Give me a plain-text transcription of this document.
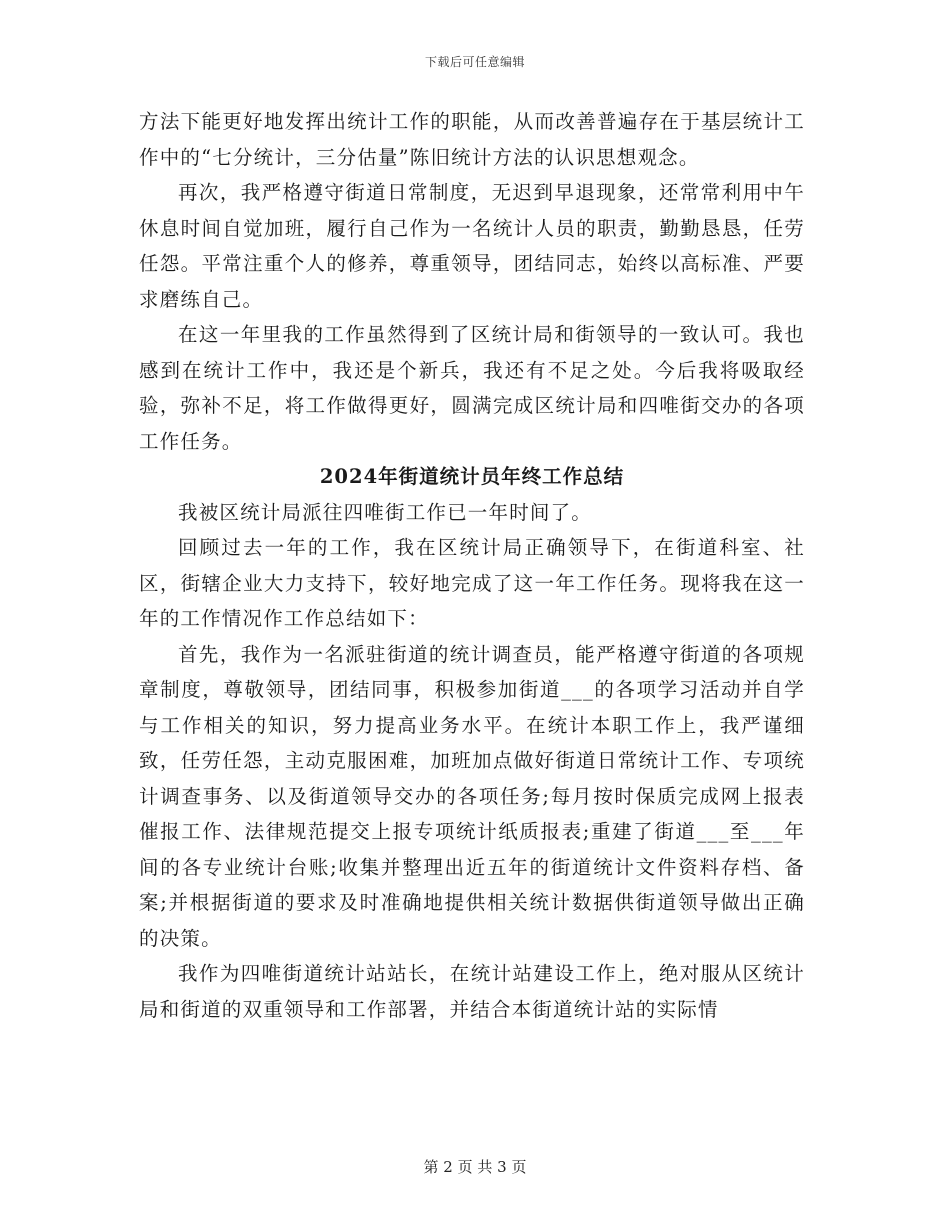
下载后可任意编辑

方法下能更好地发挥出统计工作的职能，从而改善普遍存在于基层统计工作中的“七分统计，三分估量”陈旧统计方法的认识思想观念。

再次，我严格遵守街道日常制度，无迟到早退现象，还常常利用中午休息时间自觉加班，履行自己作为一名统计人员的职责，勤勤恳恳，任劳任怨。平常注重个人的修养，尊重领导，团结同志，始终以高标准、严要求磨练自己。

在这一年里我的工作虽然得到了区统计局和街领导的一致认可。我也感到在统计工作中，我还是个新兵，我还有不足之处。今后我将吸取经验，弥补不足，将工作做得更好，圆满完成区统计局和四唯街交办的各项工作任务。

2024年街道统计员年终工作总结

我被区统计局派往四唯街工作已一年时间了。

回顾过去一年的工作，我在区统计局正确领导下，在街道科室、社区，街辖企业大力支持下，较好地完成了这一年工作任务。现将我在这一年的工作情况作工作总结如下：

首先，我作为一名派驻街道的统计调查员，能严格遵守街道的各项规章制度，尊敬领导，团结同事，积极参加街道___的各项学习活动并自学与工作相关的知识，努力提高业务水平。在统计本职工作上，我严谨细致，任劳任怨，主动克服困难，加班加点做好街道日常统计工作、专项统计调查事务、以及街道领导交办的各项任务;每月按时保质完成网上报表催报工作、法律规范提交上报专项统计纸质报表;重建了街道___至___年间的各专业统计台账;收集并整理出近五年的街道统计文件资料存档、备案;并根据街道的要求及时准确地提供相关统计数据供街道领导做出正确的决策。

我作为四唯街道统计站站长，在统计站建设工作上，绝对服从区统计局和街道的双重领导和工作部署，并结合本街道统计站的实际情

第 2 页 共 3 页
